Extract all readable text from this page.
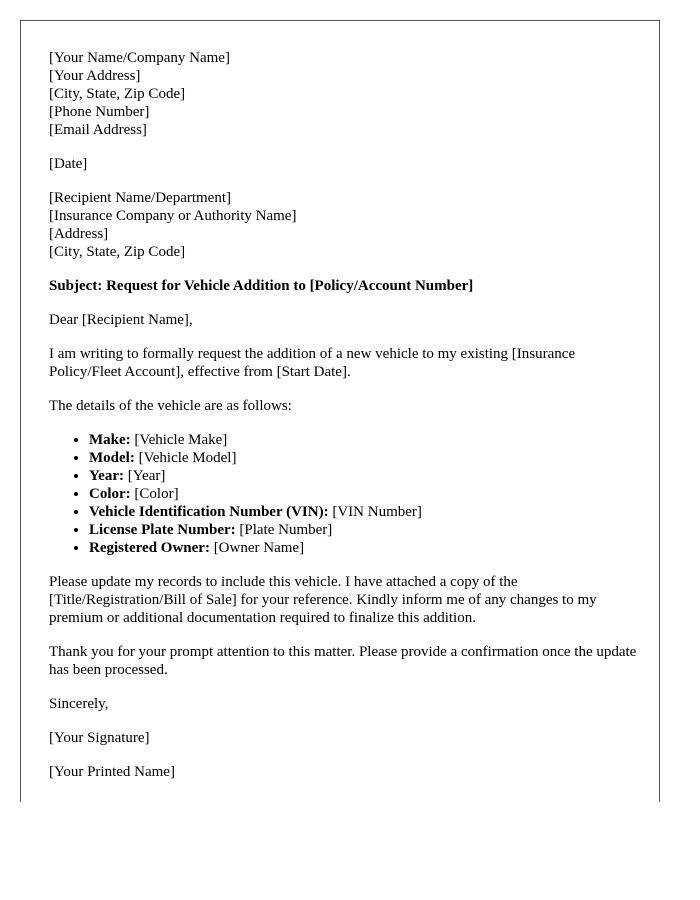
[Your Name/Company Name]
[Your Address]
[City, State, Zip Code]
[Phone Number]
[Email Address]
[Date]
[Recipient Name/Department]
[Insurance Company or Authority Name]
[Address]
[City, State, Zip Code]
Subject: Request for Vehicle Addition to [Policy/Account Number]

Dear [Recipient Name],

I am writing to formally request the addition of a new vehicle to my existing [Insurance Policy/Fleet Account], effective from [Start Date].

The details of the vehicle are as follows:

• Make: [Vehicle Make]
• Model: [Vehicle Model]
• Year: [Year]
• Color: [Color]
• Vehicle Identification Number (VIN): [VIN Number]
• License Plate Number: [Plate Number]
• Registered Owner: [Owner Name]

Please update my records to include this vehicle. I have attached a copy of the [Title/Registration/Bill of Sale] for your reference. Kindly inform me of any changes to my premium or additional documentation required to finalize this addition.

Thank you for your prompt attention to this matter. Please provide a confirmation once the update has been processed.

Sincerely,

[Your Signature]

[Your Printed Name]
